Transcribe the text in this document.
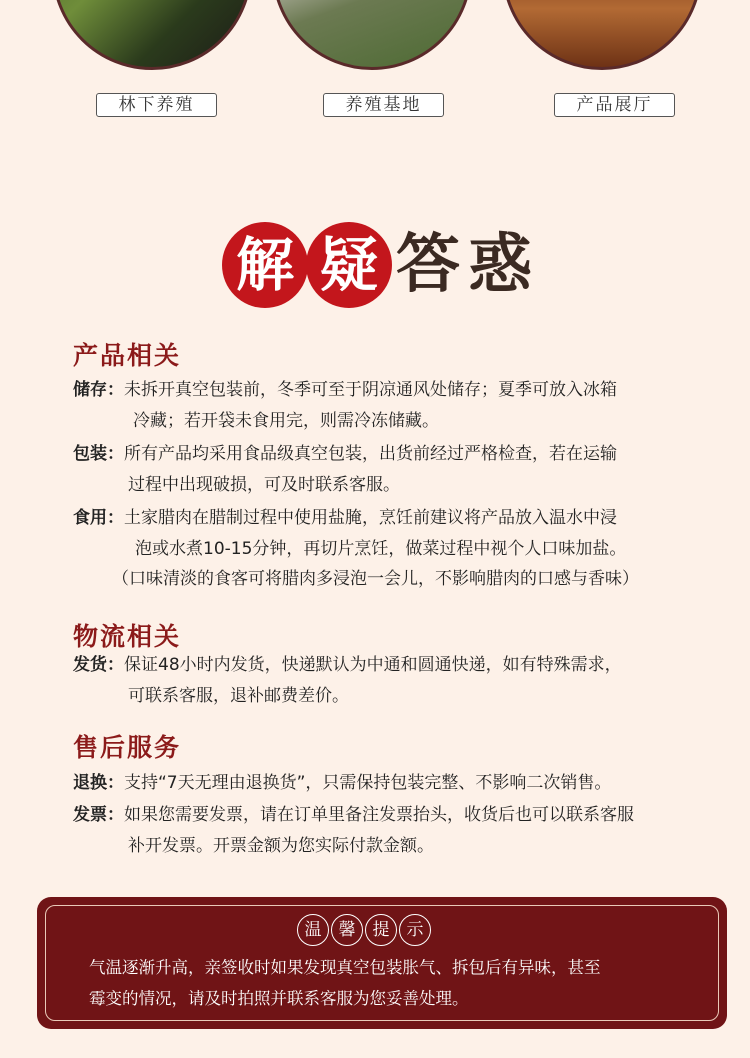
林下养殖	养殖基地	产品展厅
解 疑 答 惑
产品相关
储存：未拆开真空包装前，冬季可至于阴凉通风处储存；夏季可放入冰箱
冷藏；若开袋未食用完，则需冷冻储藏。
包装：所有产品均采用食品级真空包装，出货前经过严格检查，若在运输
过程中出现破损，可及时联系客服。
食用：土家腊肉在腊制过程中使用盐腌，烹饪前建议将产品放入温水中浸
泡或水煮10-15分钟，再切片烹饪，做菜过程中视个人口味加盐。
（口味清淡的食客可将腊肉多浸泡一会儿，不影响腊肉的口感与香味）
物流相关
发货：保证48小时内发货，快递默认为中通和圆通快递，如有特殊需求，
可联系客服，退补邮费差价。
售后服务
退换：支持“7天无理由退换货”，只需保持包装完整、不影响二次销售。
发票：如果您需要发票，请在订单里备注发票抬头，收货后也可以联系客服
补开发票。开票金额为您实际付款金额。
温	馨	提	示
气温逐渐升高，亲签收时如果发现真空包装胀气、拆包后有异味，甚至
霉变的情况，请及时拍照并联系客服为您妥善处理。
